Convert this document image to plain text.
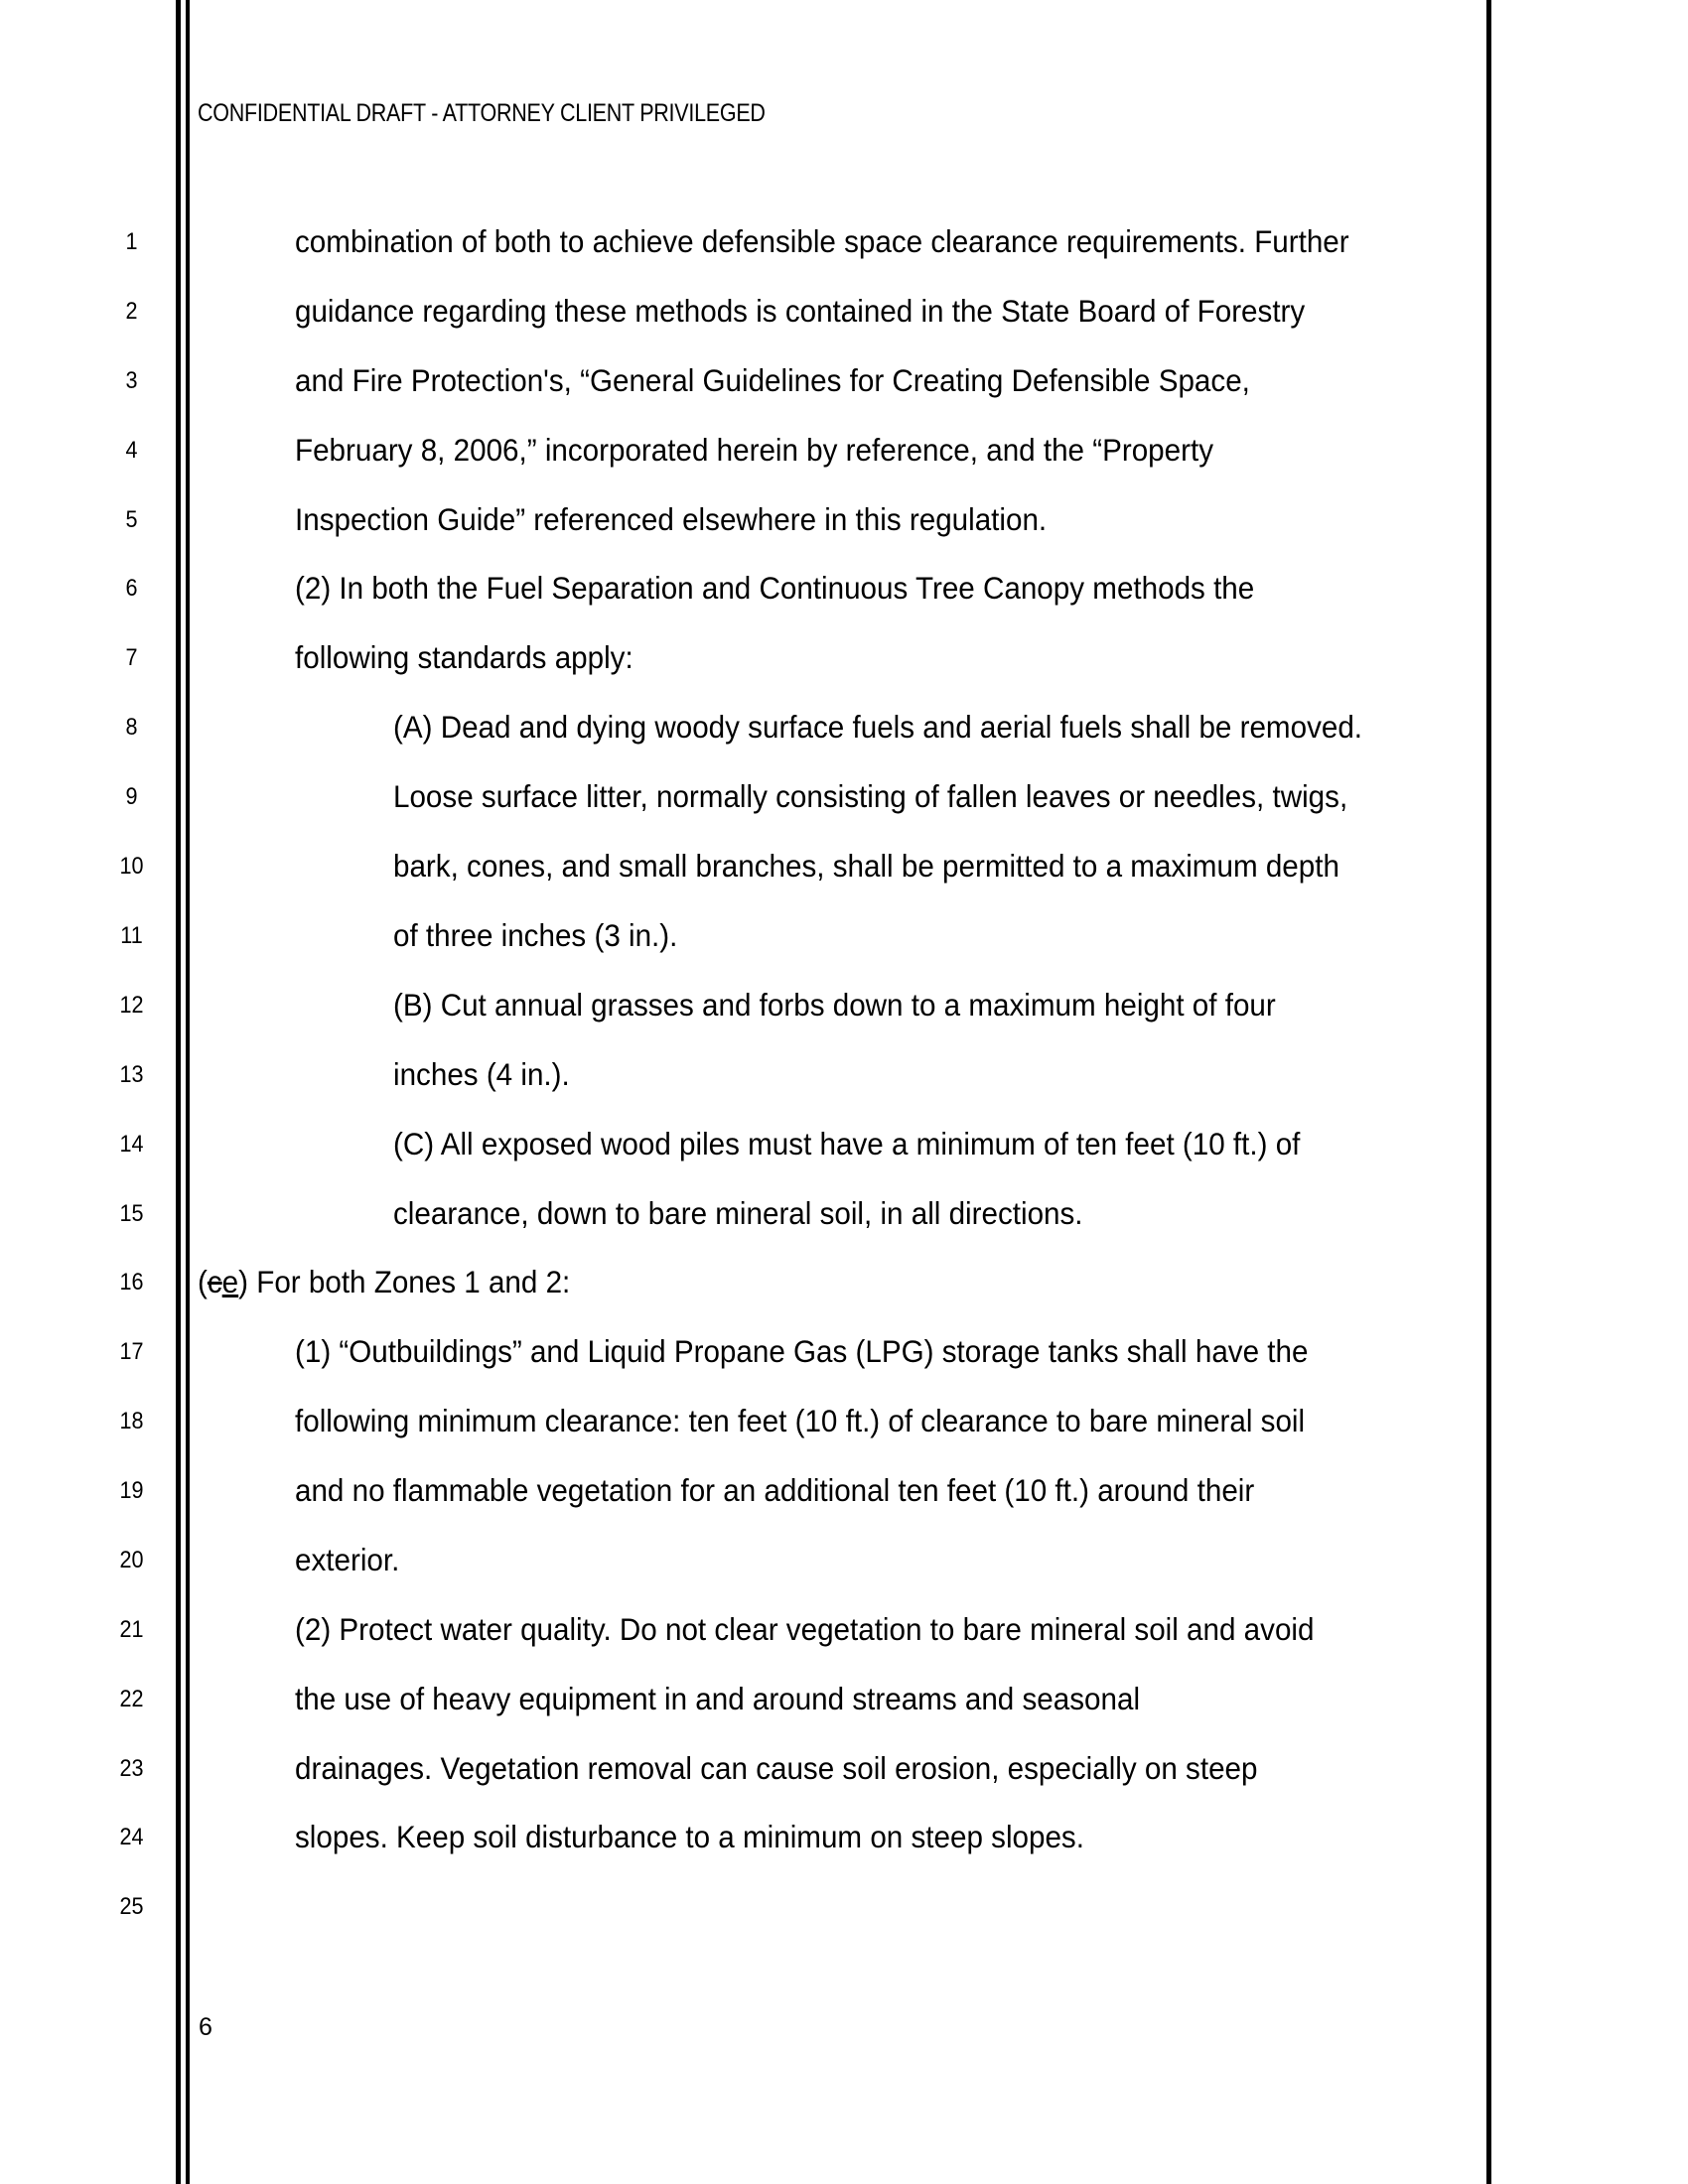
CONFIDENTIAL DRAFT - ATTORNEY CLIENT PRIVILEGED
1
2
3
4
5
6
7
8
9
10
11
12
13
14
15
16
17
18
19
20
21
22
23
24
25
combination of both to achieve defensible space clearance requirements. Further
guidance regarding these methods is contained in the State Board of Forestry
and Fire Protection's, “General Guidelines for Creating Defensible Space,
February 8, 2006,” incorporated herein by reference, and the “Property
Inspection Guide” referenced elsewhere in this regulation.
(2) In both the Fuel Separation and Continuous Tree Canopy methods the
following standards apply:
(A) Dead and dying woody surface fuels and aerial fuels shall be removed.
Loose surface litter, normally consisting of fallen leaves or needles, twigs,
bark, cones, and small branches, shall be permitted to a maximum depth
of three inches (3 in.).
(B) Cut annual grasses and forbs down to a maximum height of four
inches (4 in.).
(C) All exposed wood piles must have a minimum of ten feet (10 ft.) of
clearance, down to bare mineral soil, in all directions.
(ce) For both Zones 1 and 2:
(1) “Outbuildings” and Liquid Propane Gas (LPG) storage tanks shall have the
following minimum clearance: ten feet (10 ft.) of clearance to bare mineral soil
and no flammable vegetation for an additional ten feet (10 ft.) around their
exterior.
(2) Protect water quality. Do not clear vegetation to bare mineral soil and avoid
the use of heavy equipment in and around streams and seasonal
drainages. Vegetation removal can cause soil erosion, especially on steep
slopes. Keep soil disturbance to a minimum on steep slopes.
6
